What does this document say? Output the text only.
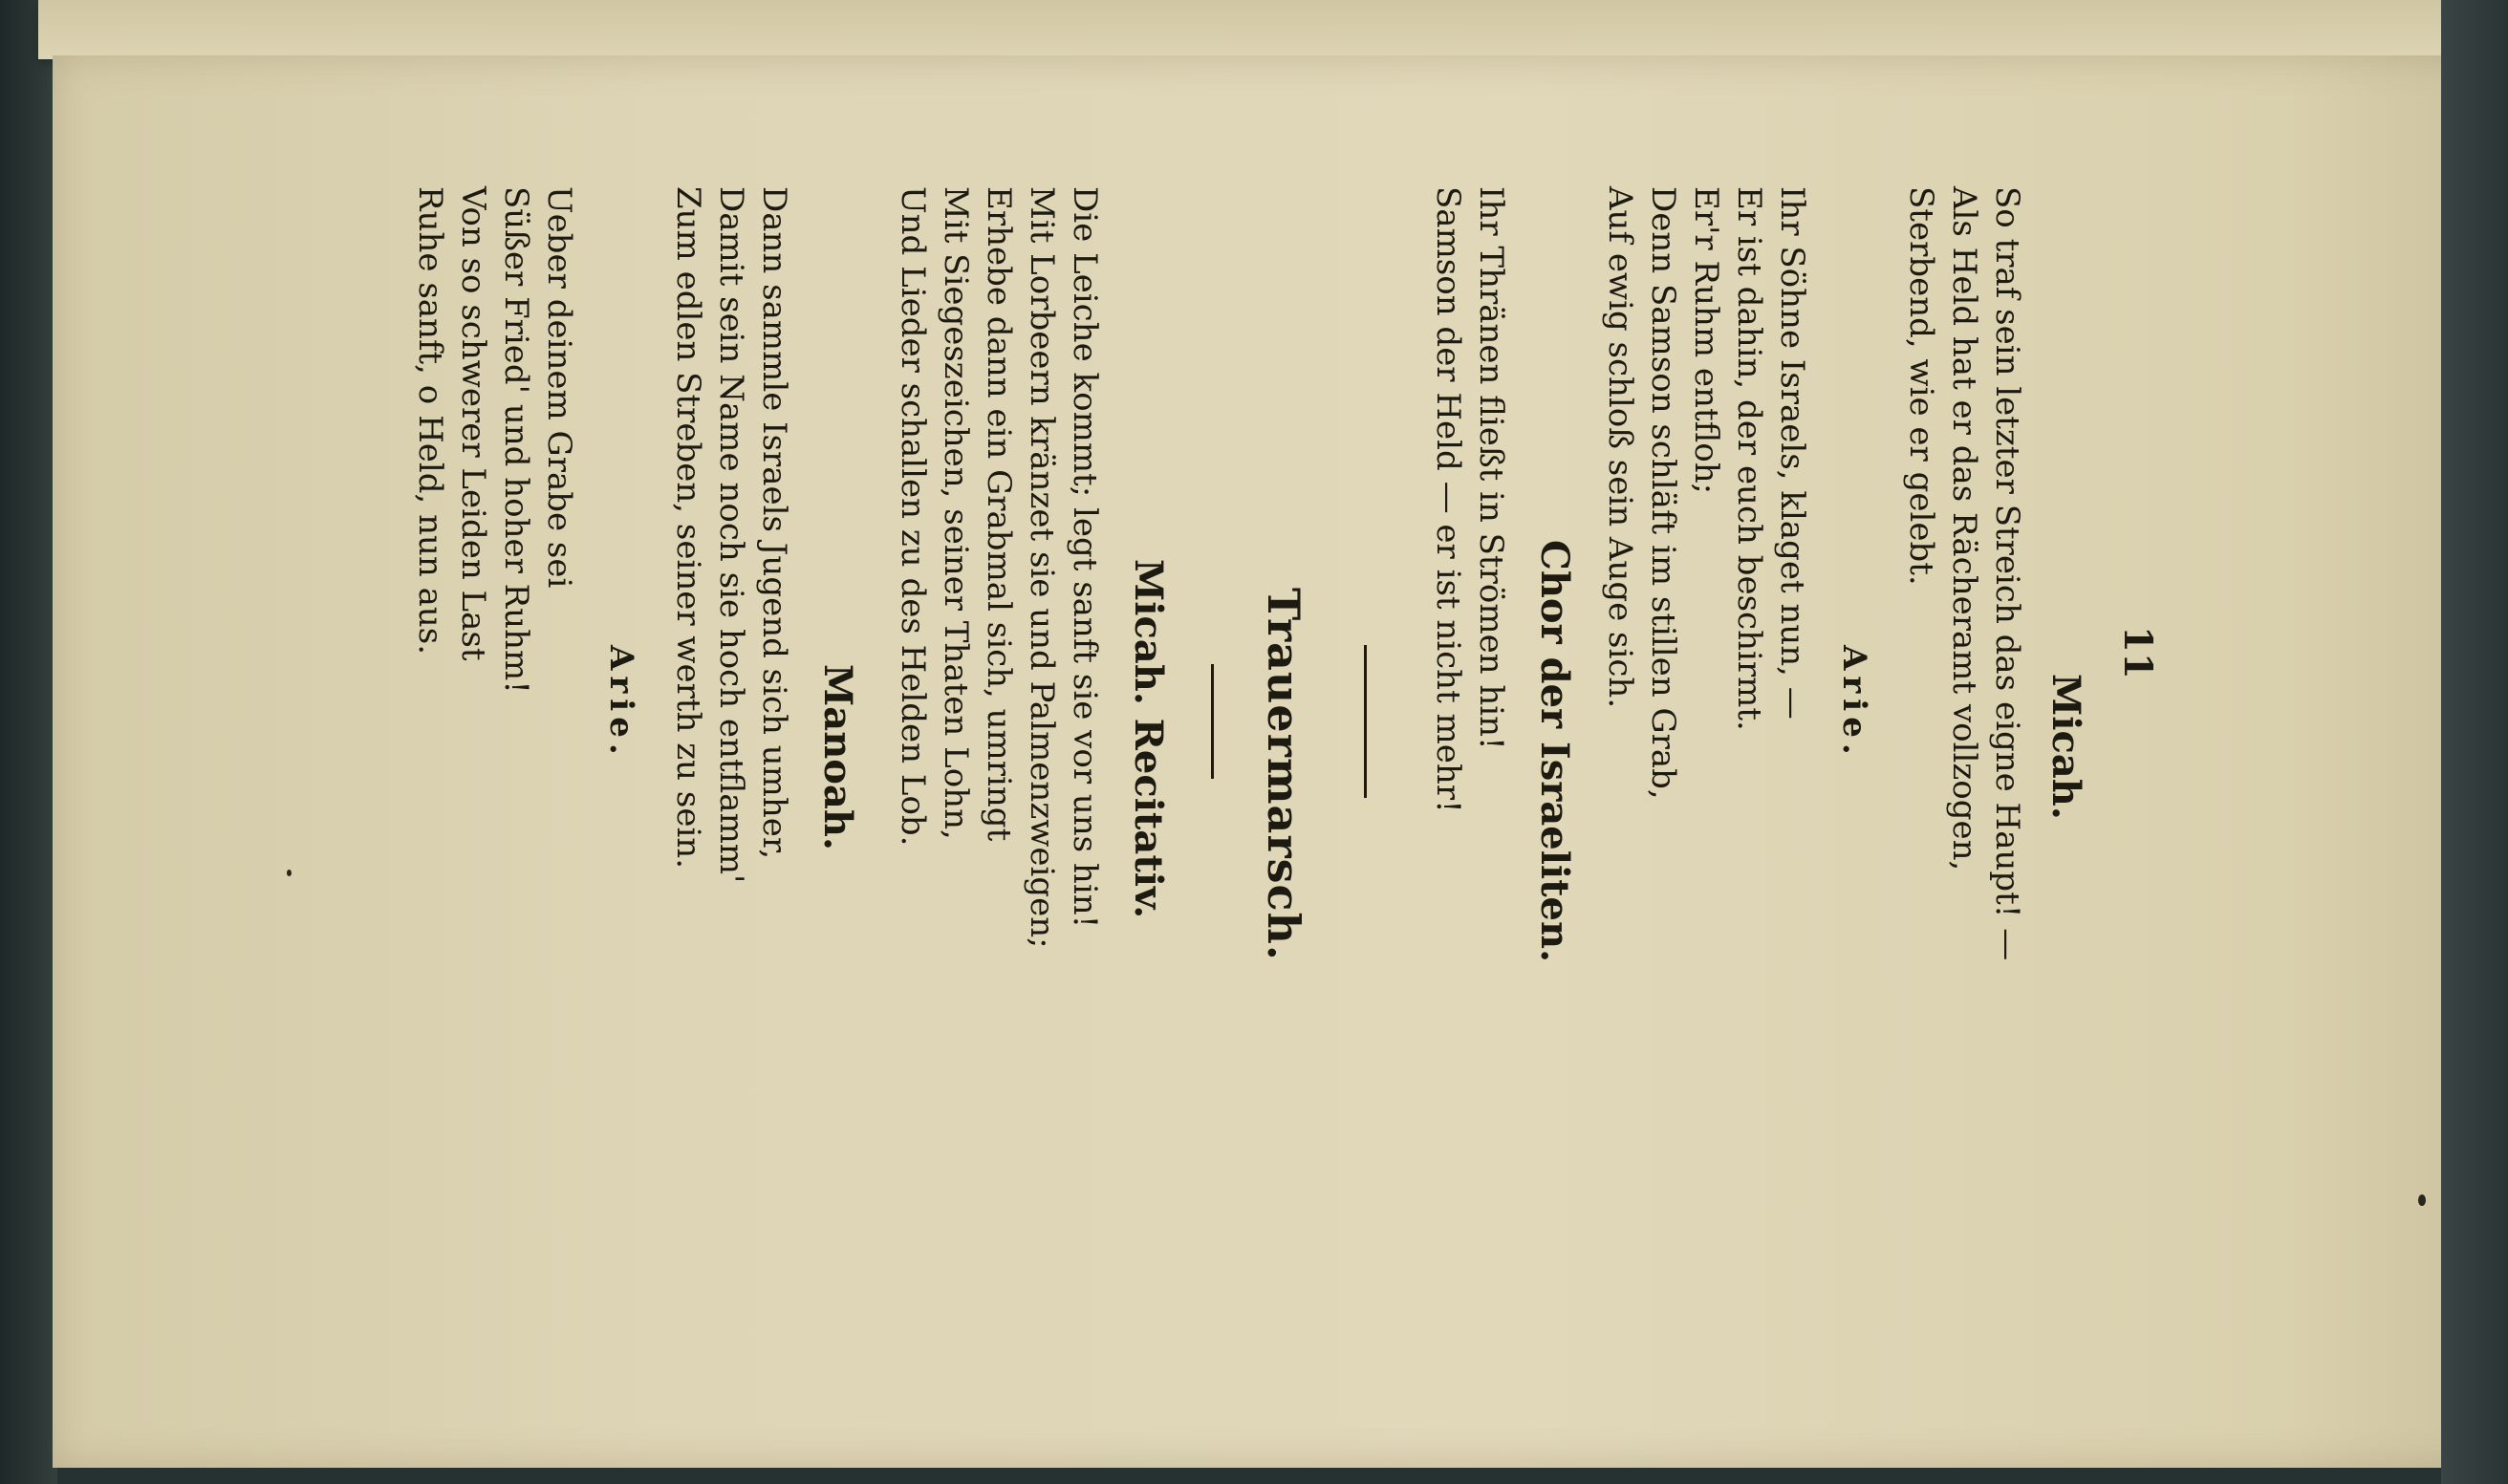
11
Micah.
So traf sein letzter Streich das eigne Haupt! —
Als Held hat er das Rächeramt vollzogen,
Sterbend, wie er gelebt.
Arie.
Ihr Söhne Israels, klaget nun, —
Er ist dahin, der euch beschirmt.
Er'r Ruhm entfloh;
Denn Samson schläft im stillen Grab,
Auf ewig schloß sein Auge sich.
Chor der Israeliten.
Ihr Thränen fließt in Strömen hin!
Samson der Held — er ist nicht mehr!
Trauermarsch.
Micah. Recitativ.
Die Leiche kommt; legt sanft sie vor uns hin!
Mit Lorbeern kränzet sie und Palmenzweigen;
Erhebe dann ein Grabmal sich, umringt
Mit Siegeszeichen, seiner Thaten Lohn,
Und Lieder schallen zu des Helden Lob.
Manoah.
Dann sammle Israels Jugend sich umher,
Damit sein Name noch sie hoch entflamm'
Zum edlen Streben, seiner werth zu sein.
Arie.
Ueber deinem Grabe sei
Süßer Fried' und hoher Ruhm!
Von so schwerer Leiden Last
Ruhe sanft, o Held, nun aus.
